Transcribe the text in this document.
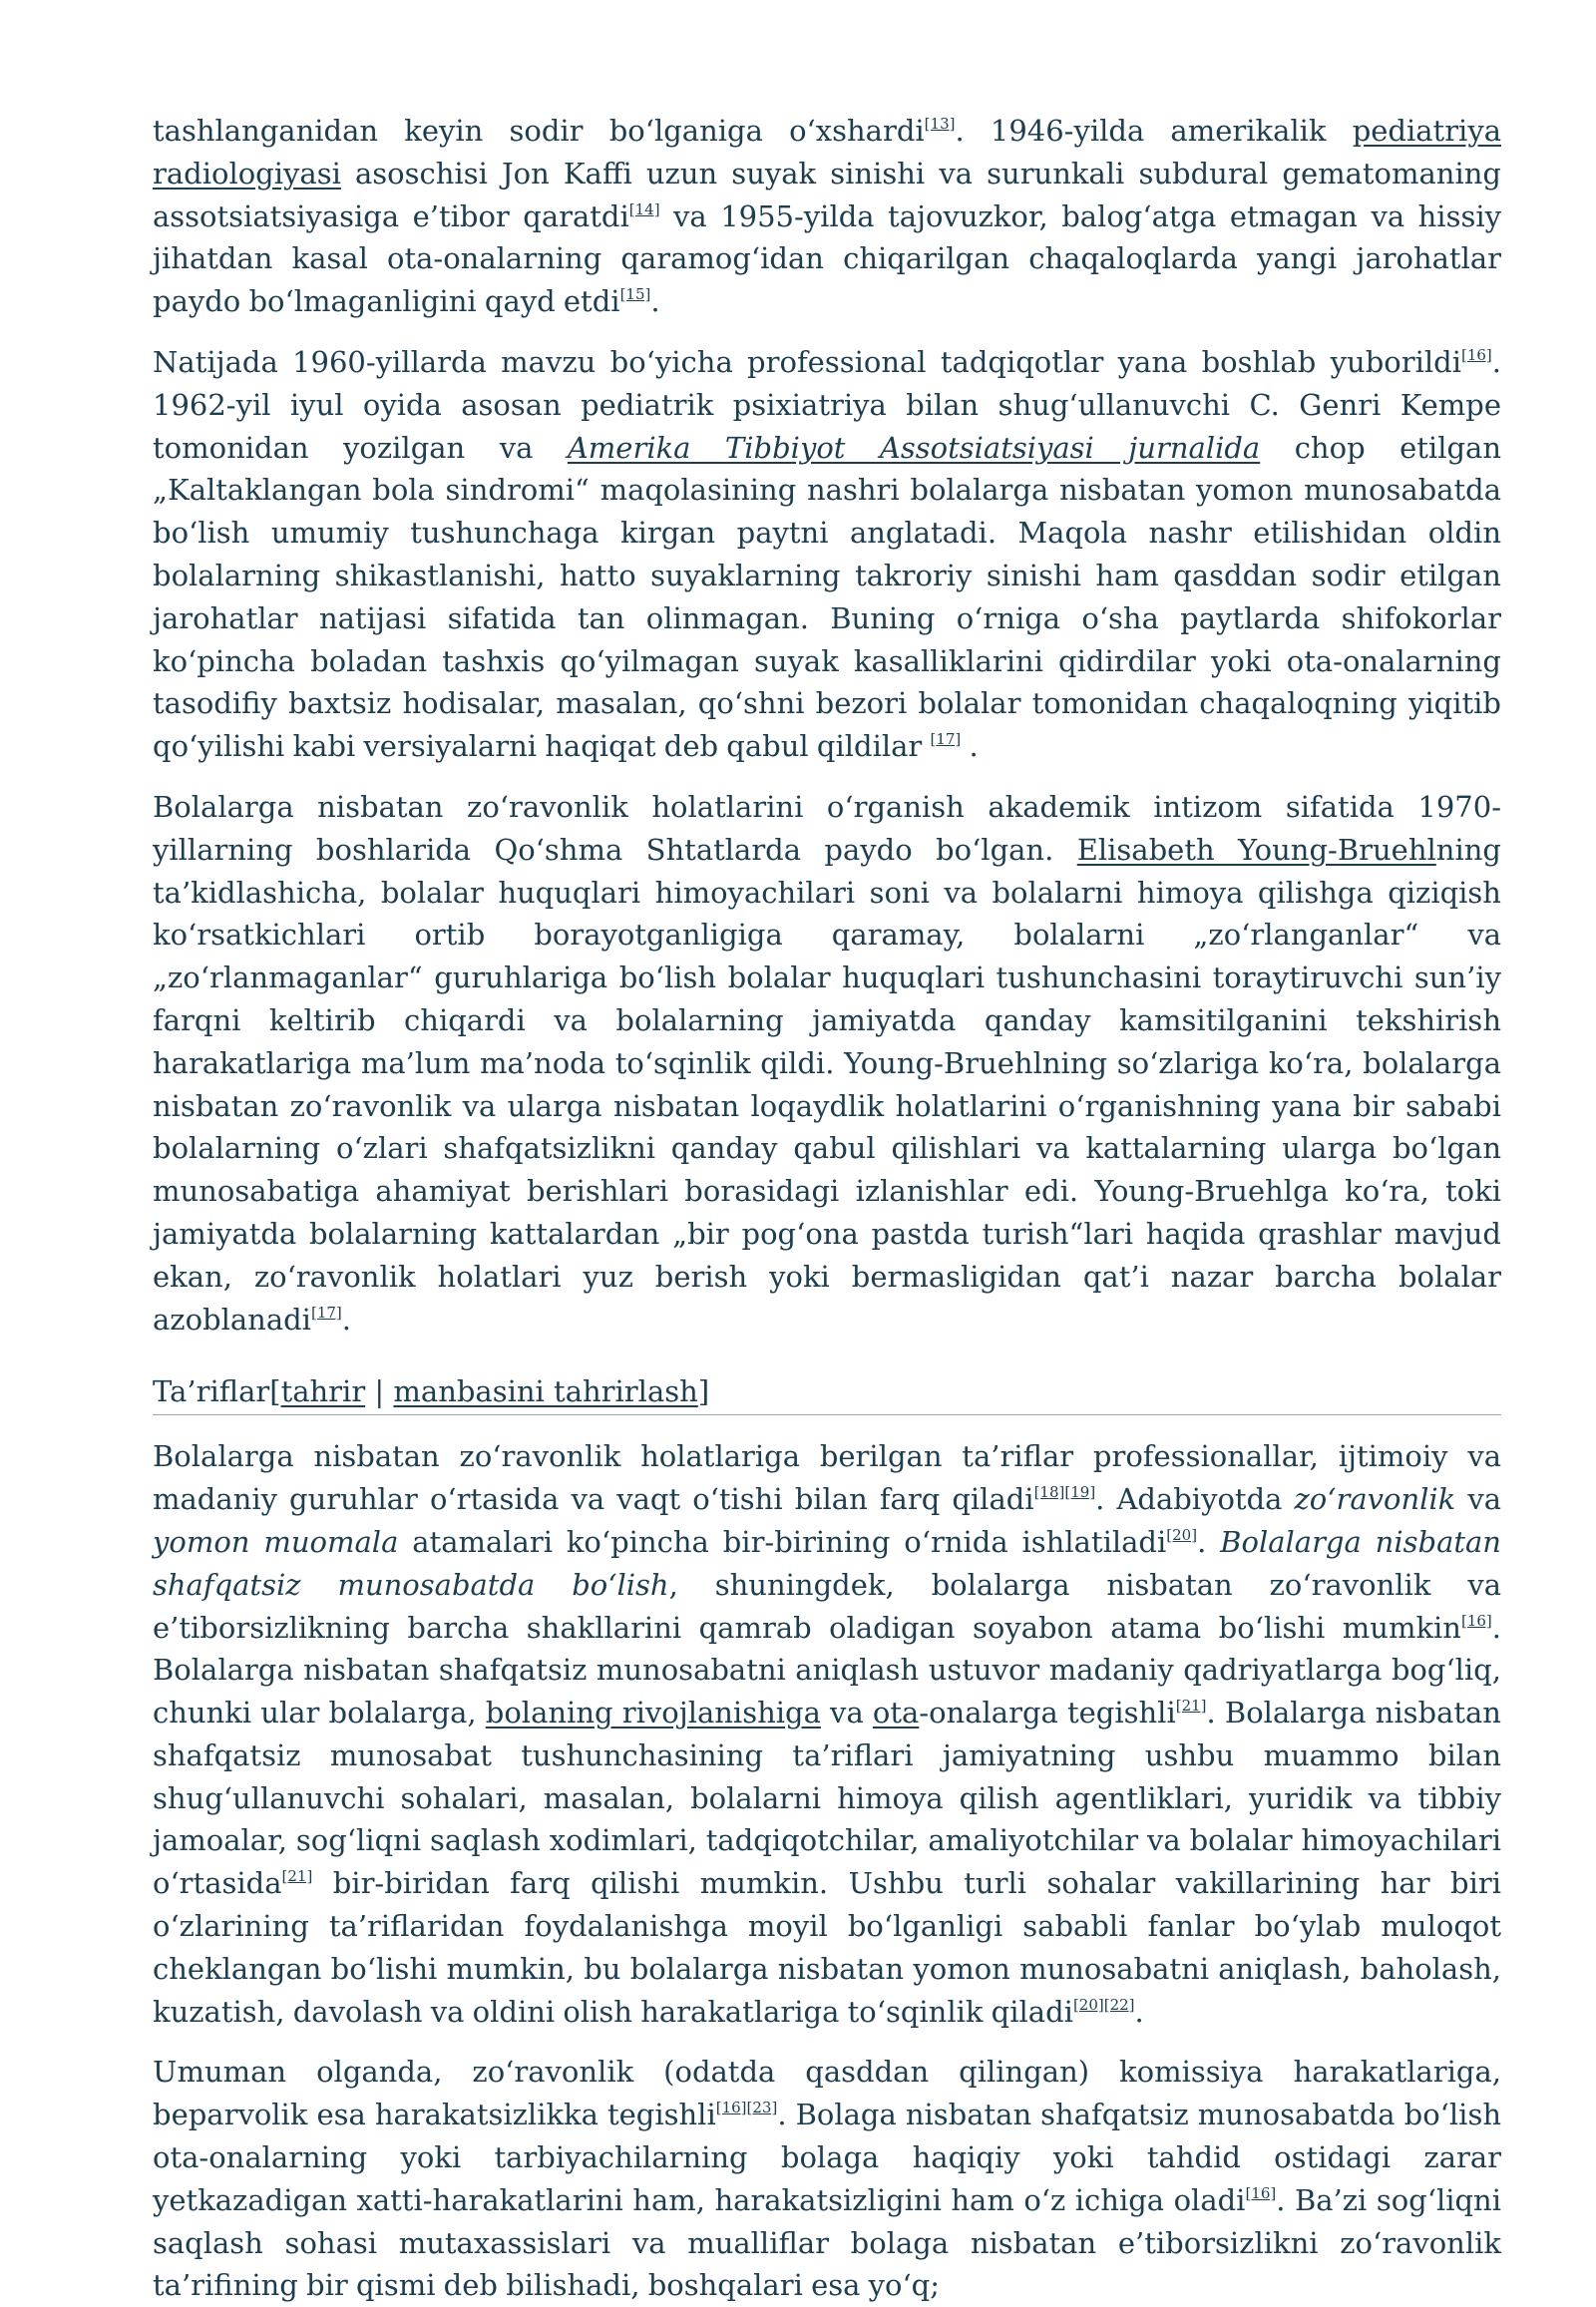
tashlanganidan keyin sodir bo‘lganiga o‘xshardi[13]. 1946-yilda amerikalik pediatriya radiologiyasi asoschisi Jon Kaffi uzun suyak sinishi va surunkali subdural gematomaning assotsiatsiyasiga e’tibor qaratdi[14] va 1955-yilda tajovuzkor, balog‘atga etmagan va hissiy jihatdan kasal ota-onalarning qaramog‘idan chiqarilgan chaqaloqlarda yangi jarohatlar paydo bo‘lmaganligini qayd etdi[15].

Natijada 1960-yillarda mavzu bo‘yicha professional tadqiqotlar yana boshlab yuborildi[16]. 1962-yil iyul oyida asosan pediatrik psixiatriya bilan shug‘ullanuvchi C. Genri Kempe tomonidan yozilgan va Amerika Tibbiyot Assotsiatsiyasi jurnalida chop etilgan „Kaltaklangan bola sindromi“ maqolasining nashri bolalarga nisbatan yomon munosabatda bo‘lish umumiy tushunchaga kirgan paytni anglatadi. Maqola nashr etilishidan oldin bolalarning shikastlanishi, hatto suyaklarning takroriy sinishi ham qasddan sodir etilgan jarohatlar natijasi sifatida tan olinmagan. Buning o‘rniga o‘sha paytlarda shifokorlar ko‘pincha boladan tashxis qo‘yilmagan suyak kasalliklarini qidirdilar yoki ota-onalarning tasodifiy baxtsiz hodisalar, masalan, qo‘shni bezori bolalar tomonidan chaqaloqning yiqitib qo‘yilishi kabi versiyalarni haqiqat deb qabul qildilar [17] .

Bolalarga nisbatan zo‘ravonlik holatlarini o‘rganish akademik intizom sifatida 1970-yillarning boshlarida Qo‘shma Shtatlarda paydo bo‘lgan. Elisabeth Young-Bruehlning ta’kidlashicha, bolalar huquqlari himoyachilari soni va bolalarni himoya qilishga qiziqish ko‘rsatkichlari ortib borayotganligiga qaramay, bolalarni „zo‘rlanganlar“ va „zo‘rlanmaganlar“ guruhlariga bo‘lish bolalar huquqlari tushunchasini toraytiruvchi sun’iy farqni keltirib chiqardi va bolalarning jamiyatda qanday kamsitilganini tekshirish harakatlariga ma’lum ma’noda to‘sqinlik qildi. Young-Bruehlning so‘zlariga ko‘ra, bolalarga nisbatan zo‘ravonlik va ularga nisbatan loqaydlik holatlarini o‘rganishning yana bir sababi bolalarning o‘zlari shafqatsizlikni qanday qabul qilishlari va kattalarning ularga bo‘lgan munosabatiga ahamiyat berishlari borasidagi izlanishlar edi. Young-Bruehlga ko‘ra, toki jamiyatda bolalarning kattalardan „bir pog‘ona pastda turish“lari haqida qrashlar mavjud ekan, zo‘ravonlik holatlari yuz berish yoki bermasligidan qat’i nazar barcha bolalar azoblanadi[17].

Ta’riflar[tahrir | manbasini tahrirlash]

Bolalarga nisbatan zo‘ravonlik holatlariga berilgan ta’riflar professionallar, ijtimoiy va madaniy guruhlar o‘rtasida va vaqt o‘tishi bilan farq qiladi[18][19]. Adabiyotda zo‘ravonlik va yomon muomala atamalari ko‘pincha bir-birining o‘rnida ishlatiladi[20]. Bolalarga nisbatan shafqatsiz munosabatda bo‘lish, shuningdek, bolalarga nisbatan zo‘ravonlik va e’tiborsizlikning barcha shakllarini qamrab oladigan soyabon atama bo‘lishi mumkin[16]. Bolalarga nisbatan shafqatsiz munosabatni aniqlash ustuvor madaniy qadriyatlarga bog‘liq, chunki ular bolalarga, bolaning rivojlanishiga va ota-onalarga tegishli[21]. Bolalarga nisbatan shafqatsiz munosabat tushunchasining ta’riflari jamiyatning ushbu muammo bilan shug‘ullanuvchi sohalari, masalan, bolalarni himoya qilish agentliklari, yuridik va tibbiy jamoalar, sog‘liqni saqlash xodimlari, tadqiqotchilar, amaliyotchilar va bolalar himoyachilari o‘rtasida[21] bir-biridan farq qilishi mumkin. Ushbu turli sohalar vakillarining har biri o‘zlarining ta’riflaridan foydalanishga moyil bo‘lganligi sababli fanlar bo‘ylab muloqot cheklangan bo‘lishi mumkin, bu bolalarga nisbatan yomon munosabatni aniqlash, baholash, kuzatish, davolash va oldini olish harakatlariga to‘sqinlik qiladi[20][22].

Umuman olganda, zo‘ravonlik (odatda qasddan qilingan) komissiya harakatlariga, beparvolik esa harakatsizlikka tegishli[16][23]. Bolaga nisbatan shafqatsiz munosabatda bo‘lish ota-onalarning yoki tarbiyachilarning bolaga haqiqiy yoki tahdid ostidagi zarar yetkazadigan xatti-harakatlarini ham, harakatsizligini ham o‘z ichiga oladi[16]. Ba’zi sog‘liqni saqlash sohasi mutaxassislari va mualliflar bolaga nisbatan e’tiborsizlikni zo‘ravonlik ta’rifining bir qismi deb bilishadi, boshqalari esa yo‘q;
